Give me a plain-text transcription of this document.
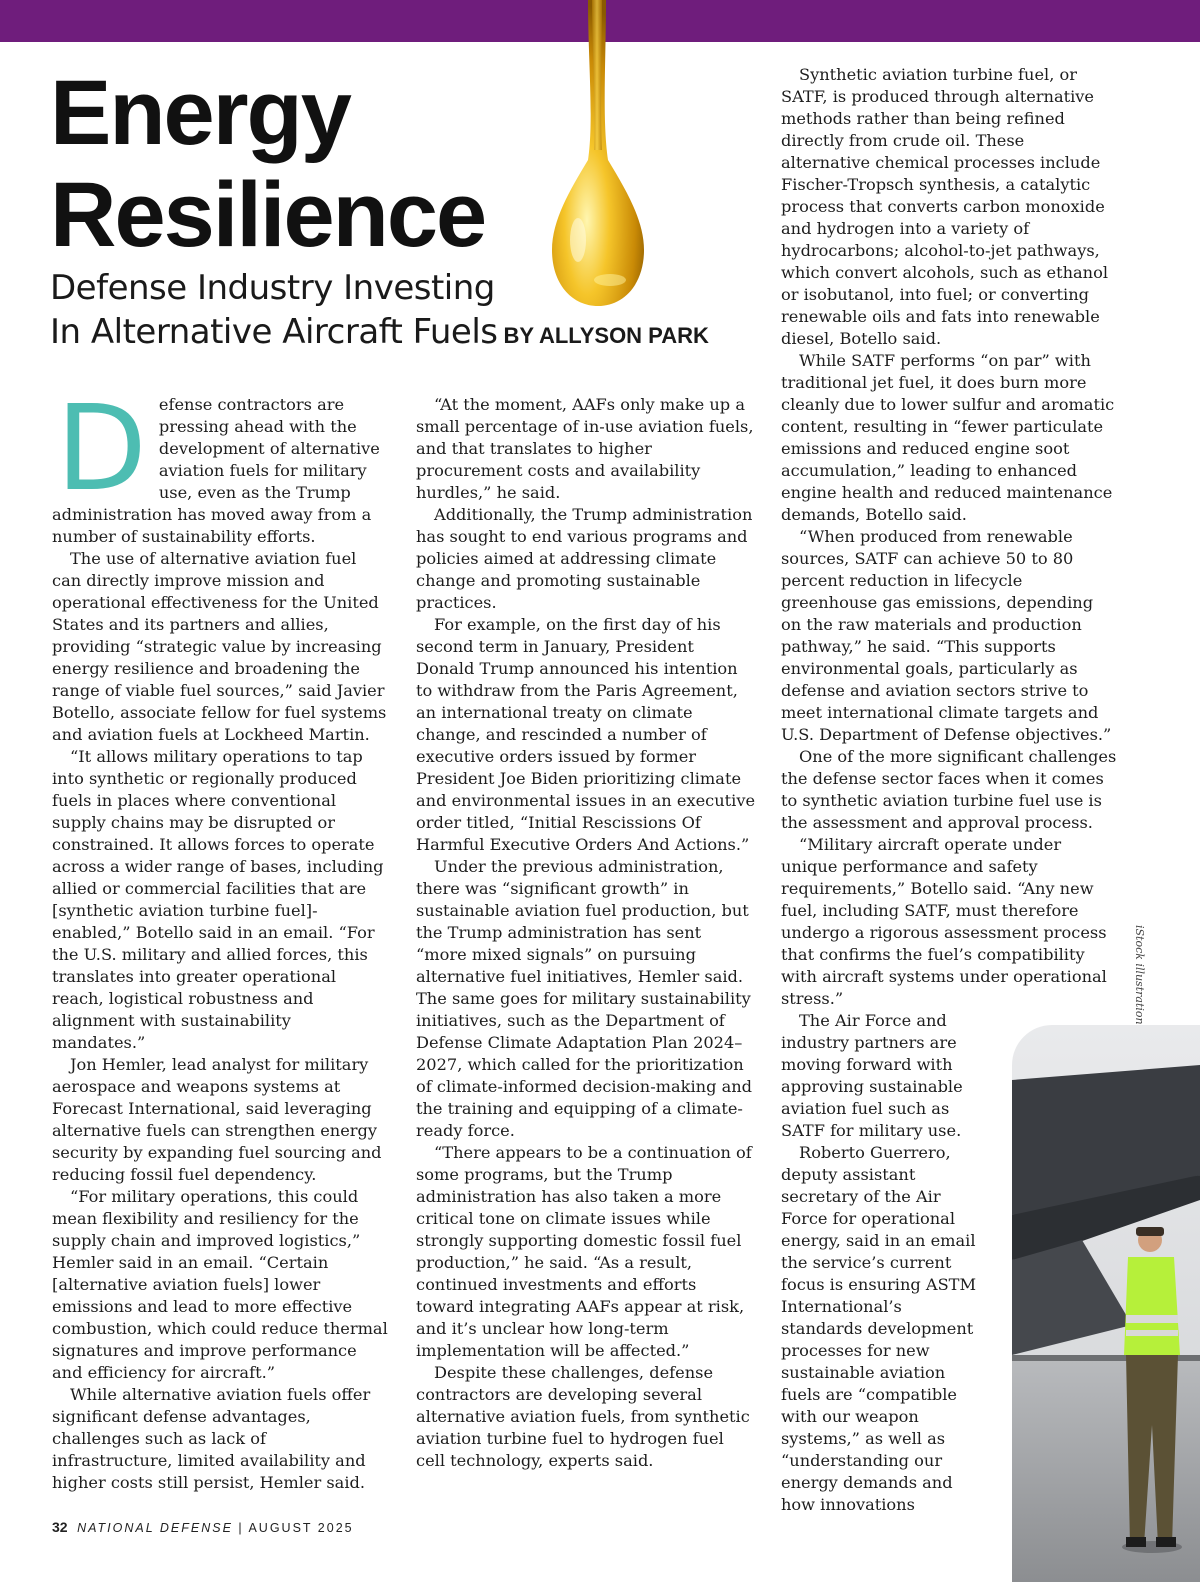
Energy
Resilience
Defense Industry Investing
In Alternative Aircraft Fuels BY ALLYSON PARK
D efense contractors are pressing ahead with the development of alternative aviation fuels for military use, even as the Trump administration has moved away from a number of sustainability efforts.

The use of alternative aviation fuel can directly improve mission and operational effectiveness for the United States and its partners and allies, providing “strategic value by increasing energy resilience and broadening the range of viable fuel sources,” said Javier Botello, associate fellow for fuel systems and aviation fuels at Lockheed Martin.

“It allows military operations to tap into synthetic or regionally produced fuels in places where conventional supply chains may be disrupted or constrained. It allows forces to operate across a wider range of bases, including allied or commercial facilities that are [synthetic aviation turbine fuel]-enabled,” Botello said in an email. “For the U.S. military and allied forces, this translates into greater operational reach, logistical robustness and alignment with sustainability mandates.”

Jon Hemler, lead analyst for military aerospace and weapons systems at Forecast International, said leveraging alternative fuels can strengthen energy security by expanding fuel sourcing and reducing fossil fuel dependency.

“For military operations, this could mean flexibility and resiliency for the supply chain and improved logistics,” Hemler said in an email. “Certain [alternative aviation fuels] lower emissions and lead to more effective combustion, which could reduce thermal signatures and improve performance and efficiency for aircraft.”

While alternative aviation fuels offer significant defense advantages, challenges such as lack of infrastructure, limited availability and higher costs still persist, Hemler said.

“At the moment, AAFs only make up a small percentage of in-use aviation fuels, and that translates to higher procurement costs and availability hurdles,” he said.

Additionally, the Trump administration has sought to end various programs and policies aimed at addressing climate change and promoting sustainable practices.

For example, on the first day of his second term in January, President Donald Trump announced his intention to withdraw from the Paris Agreement, an international treaty on climate change, and rescinded a number of executive orders issued by former President Joe Biden prioritizing climate and environmental issues in an executive order titled, “Initial Rescissions Of Harmful Executive Orders And Actions.”

Under the previous administration, there was “significant growth” in sustainable aviation fuel production, but the Trump administration has sent “more mixed signals” on pursuing alternative fuel initiatives, Hemler said. The same goes for military sustainability initiatives, such as the Department of Defense Climate Adaptation Plan 2024–2027, which called for the prioritization of climate-informed decision-making and the training and equipping of a climate-ready force.

“There appears to be a continuation of some programs, but the Trump administration has also taken a more critical tone on climate issues while strongly supporting domestic fossil fuel production,” he said. “As a result, continued investments and efforts toward integrating AAFs appear at risk, and it’s unclear how long-term implementation will be affected.”

Despite these challenges, defense contractors are developing several alternative aviation fuels, from synthetic aviation turbine fuel to hydrogen fuel cell technology, experts said.

Synthetic aviation turbine fuel, or SATF, is produced through alternative methods rather than being refined directly from crude oil. These alternative chemical processes include Fischer-Tropsch synthesis, a catalytic process that converts carbon monoxide and hydrogen into a variety of hydrocarbons; alcohol-to-jet pathways, which convert alcohols, such as ethanol or isobutanol, into fuel; or converting renewable oils and fats into renewable diesel, Botello said.

While SATF performs “on par” with traditional jet fuel, it does burn more cleanly due to lower sulfur and aromatic content, resulting in “fewer particulate emissions and reduced engine soot accumulation,” leading to enhanced engine health and reduced maintenance demands, Botello said.

“When produced from renewable sources, SATF can achieve 50 to 80 percent reduction in lifecycle greenhouse gas emissions, depending on the raw materials and production pathway,” he said. “This supports environmental goals, particularly as defense and aviation sectors strive to meet international climate targets and U.S. Department of Defense objectives.”

One of the more significant challenges the defense sector faces when it comes to synthetic aviation turbine fuel use is the assessment and approval process.

“Military aircraft operate under unique performance and safety requirements,” Botello said. “Any new fuel, including SATF, must therefore undergo a rigorous assessment process that confirms the fuel’s compatibility with aircraft systems under operational stress.”

The Air Force and industry partners are moving forward with approving sustainable aviation fuel such as SATF for military use.

Roberto Guerrero, deputy assistant secretary of the Air Force for operational energy, said in an email the service’s current focus is ensuring ASTM International’s standards development processes for new sustainable aviation fuels are “compatible with our weapon systems,” as well as “understanding our energy demands and how innovations

iStock illustration
32 NATIONAL DEFENSE | AUGUST 2025
